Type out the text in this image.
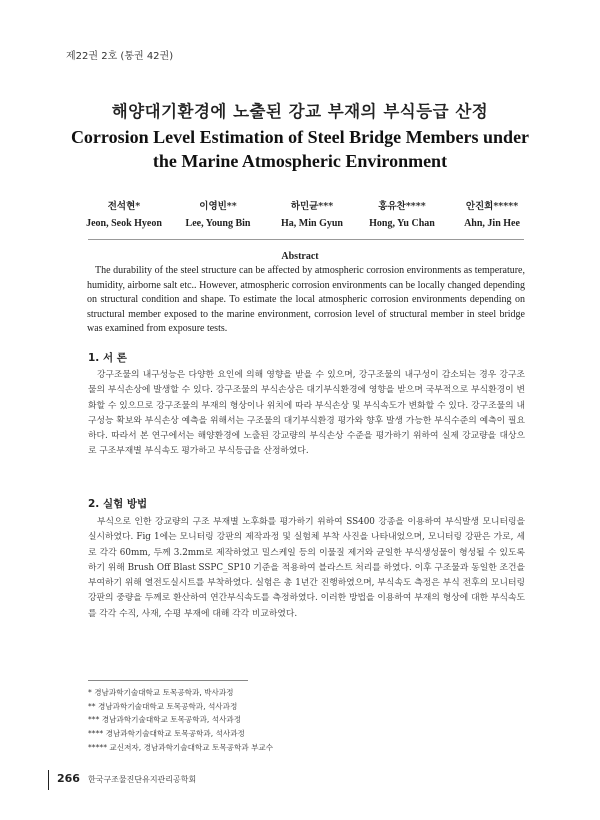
제22권 2호 (통권 42권)
해양대기환경에 노출된 강교 부재의 부식등급 산정
Corrosion Level Estimation of Steel Bridge Members under the Marine Atmospheric Environment
전석현*
Jeon, Seok Hyeon
이영빈**
Lee, Young Bin
하민균***
Ha, Min Gyun
홍유찬****
Hong, Yu Chan
안진희*****
Ahn, Jin Hee
Abstract
The durability of the steel structure can be affected by atmospheric corrosion environments as temperature, humidity, airborne salt etc.. However, atmospheric corrosion environments can be locally changed depending on structural condition and shape. To estimate the local atmospheric corrosion environments depending on structural member exposed to the marine environment, corrosion level of structural member in steel bridge was examined from exposure tests.
1. 서 론
강구조물의 내구성능은 다양한 요인에 의해 영향을 받을 수 있으며, 강구조물의 내구성이 감소되는 경우 강구조물의 부식손상에 발생할 수 있다. 강구조물의 부식손상은 대기부식환경에 영향을 받으며 국부적으로 부식환경이 변화할 수 있으므로 강구조물의 부재의 형상이나 위치에 따라 부식손상 및 부식속도가 변화할 수 있다. 강구조물의 내구성능 확보와 부식손상 예측을 위해서는 구조물의 대기부식환경 평가와 향후 발생 가능한 부식수준의 예측이 필요하다. 따라서 본 연구에서는 해양환경에 노출된 강교량의 부식손상 수준을 평가하기 위하여 실제 강교량을 대상으로 구조부재별 부식속도 평가하고 부식등급을 산정하였다.
2. 실험 방법
부식으로 인한 강교량의 구조 부재별 노후화를 평가하기 위하여 SS400 강종을 이용하여 부식발생 모니터링을 실시하였다. Fig 1에는 모니터링 강판의 제작과정 및 실험체 부착 사진을 나타내었으며, 모니터링 강판은 가로, 세로 각각 60mm, 두께 3.2mm로 제작하였고 밀스케일 등의 이물질 제거와 균일한 부식생성물이 형성될 수 있도록 하기 위해 Brush Off Blast SSPC_SP10 기준을 적용하여 블라스트 처리를 하였다. 이후 구조물과 동일한 조건을 부여하기 위해 열전도실시트를 부착하였다. 실험은 총 1년간 진행하였으며, 부식속도 측정은 부식 전후의 모니터링 강판의 중량을 두께로 환산하여 연간부식속도를 측정하였다. 이러한 방법을 이용하여 부재의 형상에 대한 부식속도를 각각 수직, 사재, 수평 부재에 대해 각각 비교하였다.
* 경남과학기술대학교 토목공학과, 박사과정
** 경남과학기술대학교 토목공학과, 석사과정
*** 경남과학기술대학교 토목공학과, 석사과정
**** 경남과학기술대학교 토목공학과, 석사과정
***** 교신저자, 경남과학기술대학교 토목공학과 부교수
266 한국구조물진단유지관리공학회
